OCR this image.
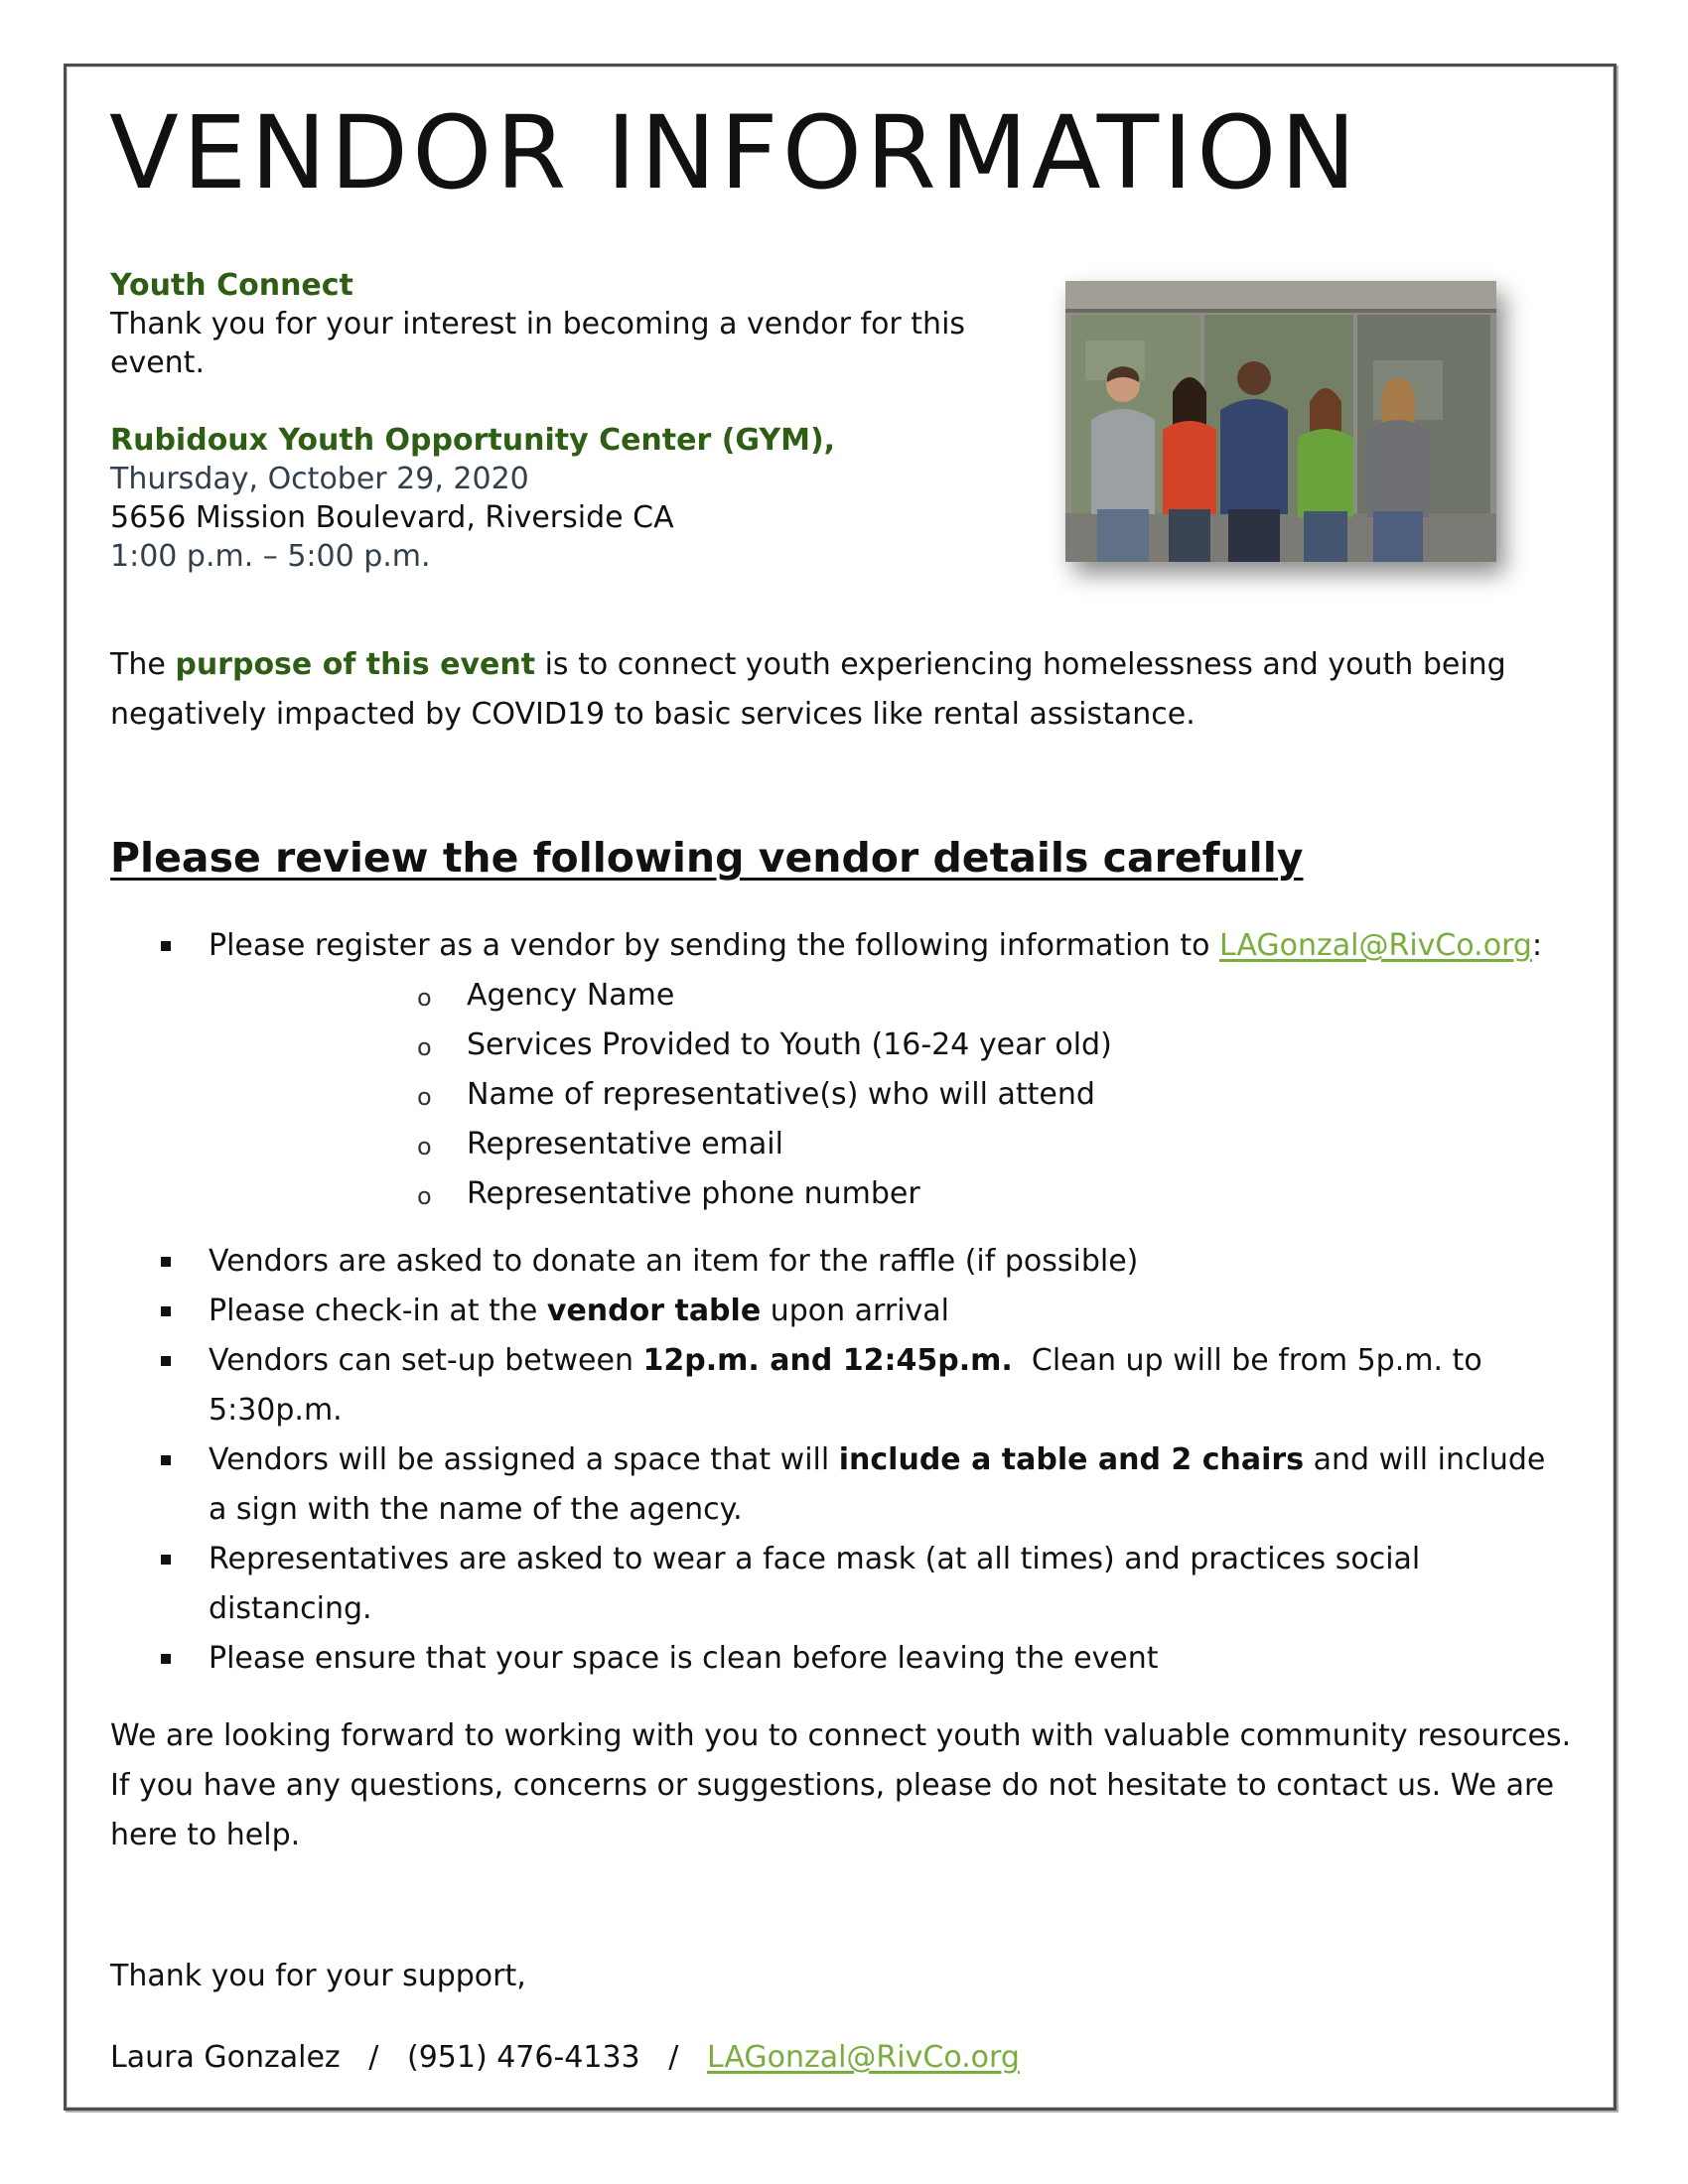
VENDOR INFORMATION

Youth Connect

Thank you for your interest in becoming a vendor for this

event.

Rubidoux Youth Opportunity Center (GYM),

Thursday, October 29, 2020

5656 Mission Boulevard, Riverside CA

1:00 p.m. – 5:00 p.m.

The purpose of this event is to connect youth experiencing homelessness and youth being negatively impacted by COVID19 to basic services like rental assistance.

Please review the following vendor details carefully
Please register as a vendor by sending the following information to LAGonzal@RivCo.org:
o Agency Name
o Services Provided to Youth (16-24 year old)
o Name of representative(s) who will attend
o Representative email
o Representative phone number
Vendors are asked to donate an item for the raffle (if possible)
Please check-in at the vendor table upon arrival
Vendors can set-up between 12p.m. and 12:45p.m.  Clean up will be from 5p.m. to 5:30p.m.
Vendors will be assigned a space that will include a table and 2 chairs and will include a sign with the name of the agency.
Representatives are asked to wear a face mask (at all times) and practices social distancing.
Please ensure that your space is clean before leaving the event

We are looking forward to working with you to connect youth with valuable community resources. If you have any questions, concerns or suggestions, please do not hesitate to contact us. We are here to help.

Thank you for your support,

Laura Gonzalez   /   (951) 476-4133   /   LAGonzal@RivCo.org
